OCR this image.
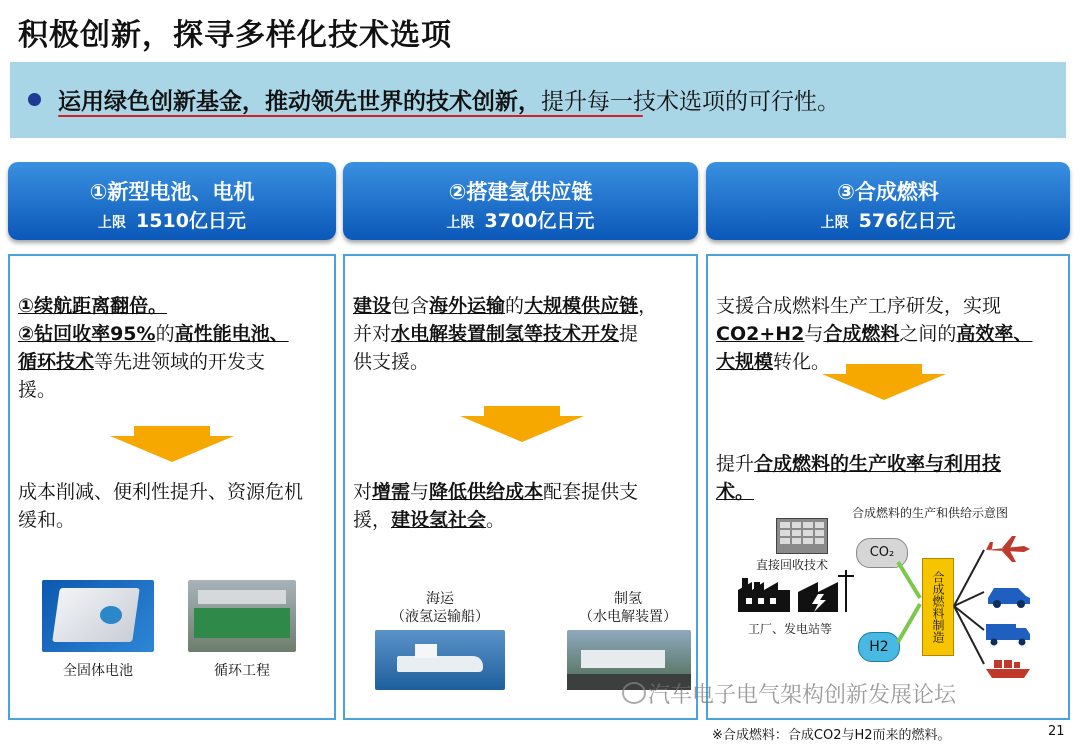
积极创新，探寻多样化技术选项
运用绿色创新基金，推动领先世界的技术创新，提升每一技术选项的可行性。
①新型电池、电机
上限 1510亿日元
②搭建氢供应链
上限 3700亿日元
③合成燃料
上限 576亿日元
①续航距离翻倍。
②钻回收率95%的高性能电池、
循环技术等先进领域的开发支
援。
成本削减、便利性提升、资源危机缓和。
全固体电池	循环工程
建设包含海外运输的大规模供应链，
并对水电解装置制氢等技术开发提
供支援。
对增需与降低供给成本配套提供支
援，建设氢社会。
海运
（液氢运输船）
制氢
（水电解装置）
支援合成燃料生产工序研发，实现
CO2+H2与合成燃料之间的高效率、
大规模转化。
提升合成燃料的生产收率与利用技
术。
合成燃料的生产和供给示意图
直接回收技术
工厂、发电站等
CO₂
H2
合成燃料制造
汽车电子电气架构创新发展论坛
※合成燃料：合成CO2与H2而来的燃料。	21
